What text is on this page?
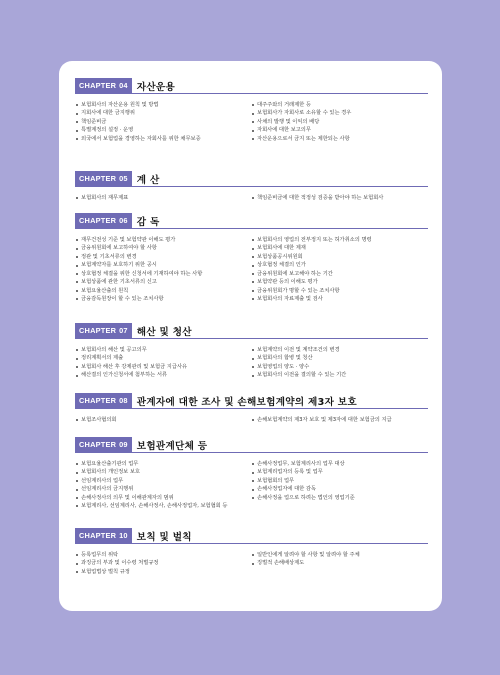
CHAPTER 04 자산운용
보험회사의 자산운용 원칙 및 방법
지회사에 대한 금지행위
책임준비금
특별계정의 설정 · 운영
외국에서 보험업을 경영하는 자회사를 위한 채무보증
대주주와의 거래제한 등
보험회사가 자회사로 소유할 수 있는 경우
사채의 발행 및 이익의 배당
자회사에 대한 보고의무
자산운용으로서 금지 또는 제한되는 사항
CHAPTER 05 계 산
보험회사의 재무제표	책임준비금에 대한 적정성 검증을 받아야 하는 보험회사
CHAPTER 06 감 독
재무건전성 기준 및 보험약관 이해도 평가
금융위원회에 보고하여야 할 사항
정관 및 기초서류의 변경
보험계약자를 보호하기 위한 공시
상호협정 체결을 위한 신청서에 기재하여야 하는 사항
보험상품에 관한 기초서류의 신고
보험요율산출의 원칙
금융감독원장이 할 수 있는 조치사항
보험회사의 영업의 전부정지 또는 허가취소의 명령
보험회사에 대한 제재
보험상품공시위원회
상호협정 체결의 인가
금융위원회에 보고해야 하는 기간
보험약관 등의 이해도 평가
금융위원회가 명할 수 있는 조치사항
보험회사의 자료제출 및 검사
CHAPTER 07 해산 및 청산
보험회사의 해산 및 공고의무
정리계획서의 제출
보험회사 해산 후 강제관리 및 보험금 지급사유
해산결의 인가신청서에 첨부하는 서류
보험계약의 이전 및 계약조건의 변경
보험회사의 합병 및 청산
보험영업의 양도 · 양수
보험회사의 이전을 결의할 수 있는 기간
CHAPTER 08 관계자에 대한 조사 및 손해보험계약의 제3자 보호
보험조사협의회	손해보험계약의 제3자 보호 및 제3자에 대한 보험금의 지급
CHAPTER 09 보험관계단체 등
보험요율산출기관의 업무
보험회사의 개인정보 보호
선임계리사의 업무
선임계리사의 금지행위
손해사정사의 의무 및 이해관계자의 범위
보험계리사, 선임계리사, 손해사정사, 손해사정업자, 보험협회 등
손해사정업무, 보험계리사의 업무 대상
보험계리업자의 등록 및 업무
보험협회의 업무
손해사정업자에 대한 감독
손해사정을 업으로 하려는 법인의 영업기준
CHAPTER 10 보칙 및 벌칙
등록업무의 위탁
과징금의 부과 및 이수령 처벌규정
보험업법상 벌칙 규정
일반인에게 알려야 할 사항 및 알려야 할 주체
징벌적 손해배상제도
